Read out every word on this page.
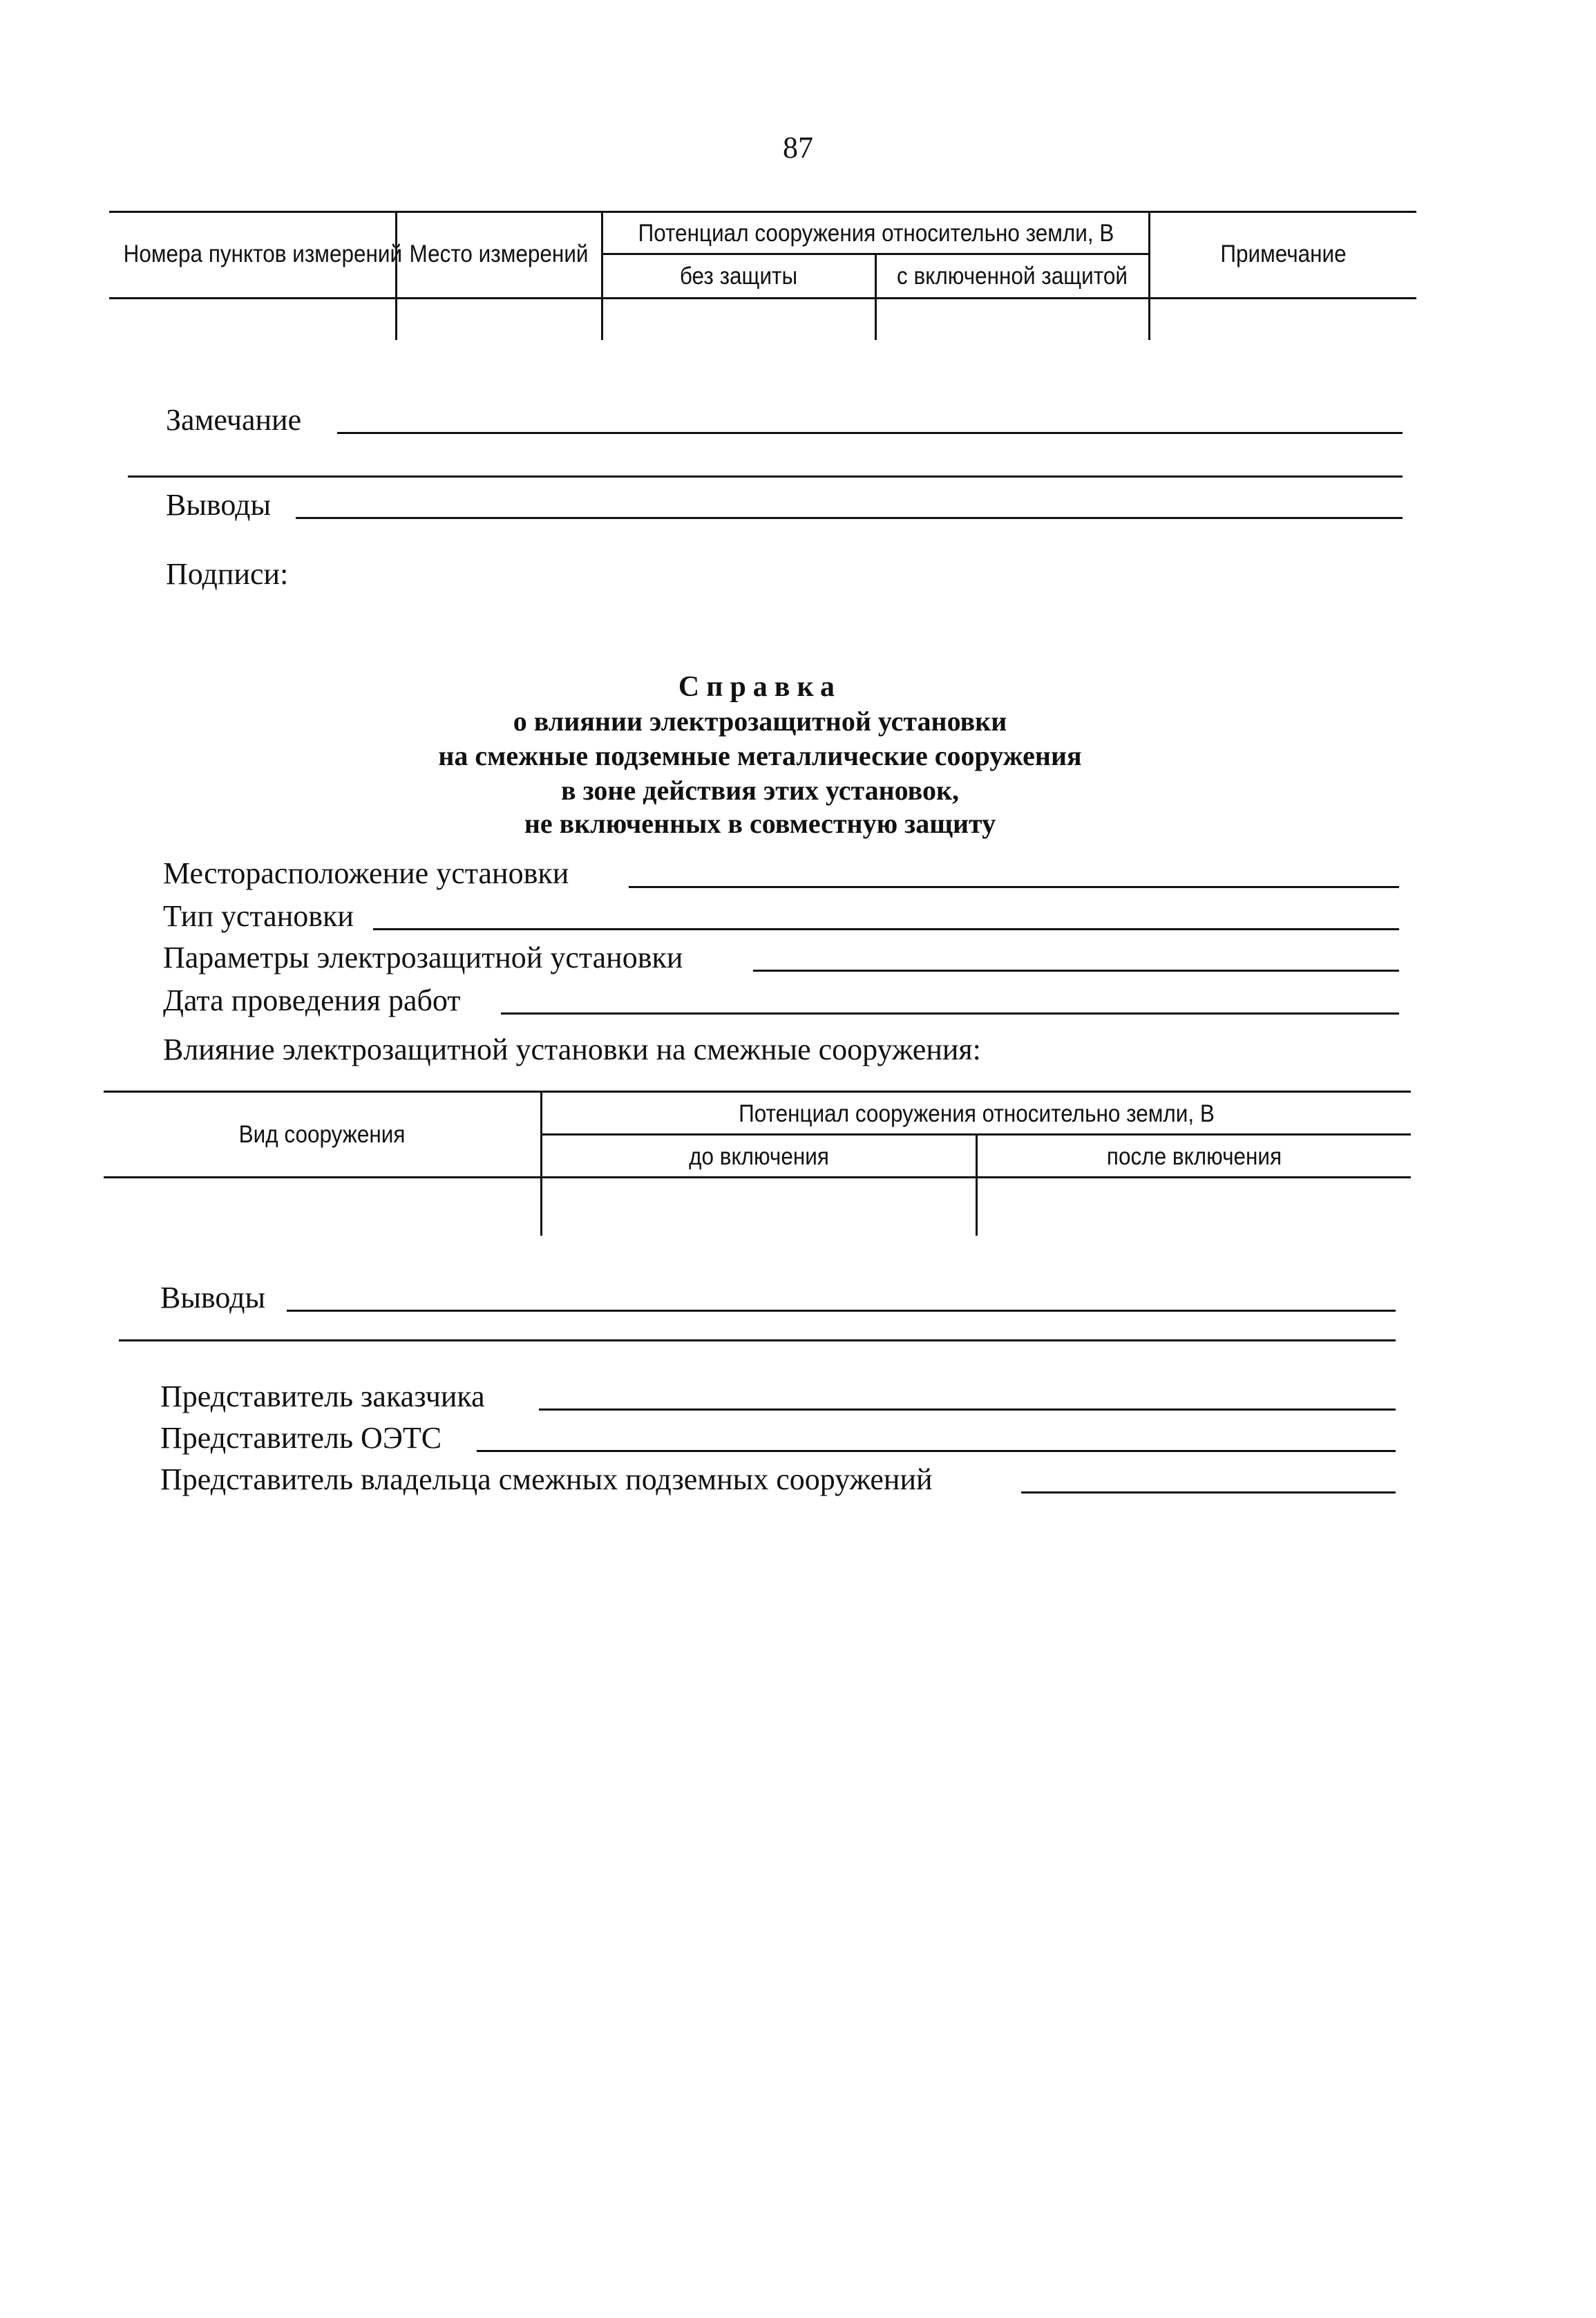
87
Номера пунктов измерений Место измерений
Потенциал сооружения относительно земли, В
без защиты	с включенной защитой
Примечание
Замечание
Выводы
Подписи:
Справка
о влиянии электрозащитной установки
на смежные подземные металлические сооружения
в зоне действия этих установок,
не включенных в совместную защиту
Месторасположение установки
Тип установки
Параметры электрозащитной установки
Дата проведения работ
Влияние электрозащитной установки на смежные сооружения:
Вид сооружения
Потенциал сооружения относительно земли, В
до включения	после включения
Выводы
Представитель заказчика
Представитель ОЭТС
Представитель владельца смежных подземных сооружений
